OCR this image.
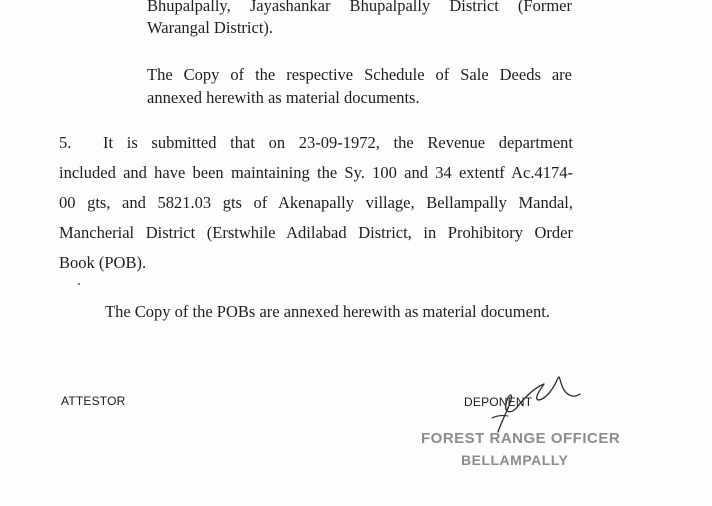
Bhupalpally, Jayashankar Bhupalpally District (Former
Warangal District).
The Copy of the respective Schedule of Sale Deeds are
annexed herewith as material documents.
5. It is submitted that on 23-09-1972, the Revenue department
included and have been maintaining the Sy. 100 and 34 extentf Ac.4174-
00 gts, and 5821.03 gts of Akenapally village, Bellampally Mandal,
Mancherial District (Erstwhile Adilabad District, in Prohibitory Order
Book (POB).
The Copy of the POBs are annexed herewith as material document.
ATTESTOR	DEPONENT
FOREST RANGE OFFICER
BELLAMPALLY
